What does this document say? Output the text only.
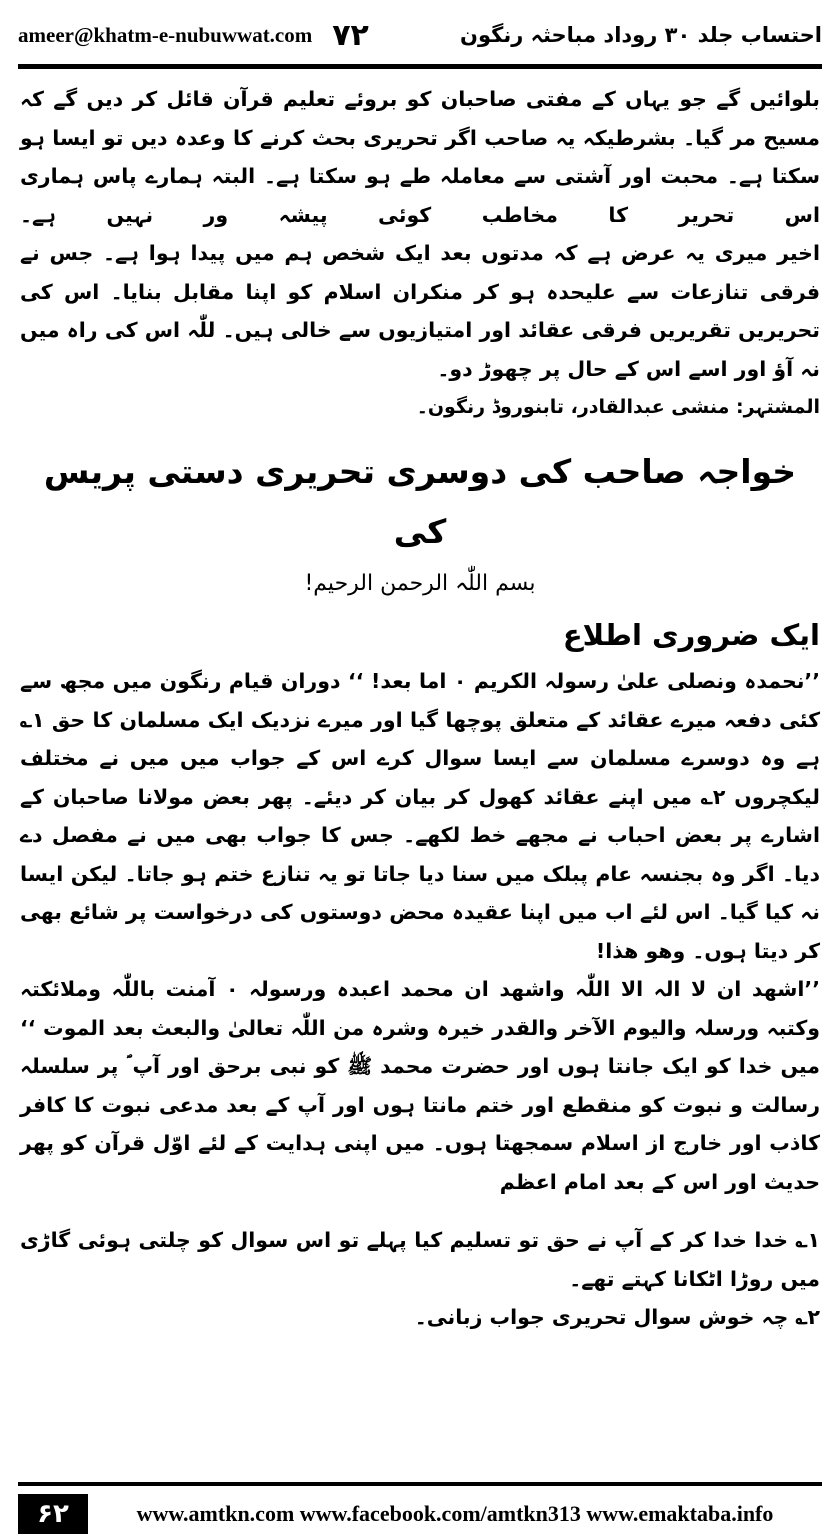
ameer@khatm-e-nubuwwat.com ۷۲	احتساب جلد ۳۰ روداد مباحثہ رنگون

بلوائیں گے جو یہاں کے مفتی صاحبان کو بروئے تعلیم قرآن قائل کر دیں گے کہ مسیح مر گیا۔ بشرطیکہ یہ صاحب اگر تحریری بحث کرنے کا وعدہ دیں تو ایسا ہو سکتا ہے۔ محبت اور آشتی سے معاملہ طے ہو سکتا ہے۔ البتہ ہمارے پاس ہماری اس تحریر کا مخاطب کوئی پیشہ ور نہیں ہے۔

اخیر میری یہ عرض ہے کہ مدتوں بعد ایک شخص ہم میں پیدا ہوا ہے۔ جس نے فرقی تنازعات سے علیحدہ ہو کر منکران اسلام کو اپنا مقابل بنایا۔ اس کی تحریریں تقریریں فرقی عقائد اور امتیازیوں سے خالی ہیں۔ للّٰہ اس کی راہ میں نہ آؤ اور اسے اس کے حال پر چھوڑ دو۔

المشتہر: منشی عبدالقادر، تابنوروڈ رنگون۔
خواجہ صاحب کی دوسری تحریری دستی پریس کی
بسم اللّٰہ الرحمن الرحیم!
ایک ضروری اطلاع

’’نحمدہ ونصلی علیٰ رسولہ الکریم ۰ اما بعد! ‘‘ دوران قیام رنگون میں مجھ سے کئی دفعہ میرے عقائد کے متعلق پوچھا گیا اور میرے نزدیک ایک مسلمان کا حق ۱؎ ہے وہ دوسرے مسلمان سے ایسا سوال کرے اس کے جواب میں میں نے مختلف لیکچروں ۲؎ میں اپنے عقائد کھول کر بیان کر دیئے۔ پھر بعض مولانا صاحبان کے اشارے پر بعض احباب نے مجھے خط لکھے۔ جس کا جواب بھی میں نے مفصل دے دیا۔ اگر وہ بجنسہ عام پبلک میں سنا دیا جاتا تو یہ تنازع ختم ہو جاتا۔ لیکن ایسا نہ کیا گیا۔ اس لئے اب میں اپنا عقیدہ محض دوستوں کی درخواست پر شائع بھی کر دیتا ہوں۔ وھو ھذا!

’’اشھد ان لا الہ الا اللّٰہ واشھد ان محمد اعبدہ ورسولہ ۰ آمنت باللّٰہ وملائکتہ وکتبہ ورسلہ والیوم الآخر والقدر خیرہ وشرہ من اللّٰہ تعالیٰ والبعث بعد الموت ‘‘ میں خدا کو ایک جانتا ہوں اور حضرت محمد ﷺ کو نبی برحق اور آپ ؐ پر سلسلہ رسالت و نبوت کو منقطع اور ختم مانتا ہوں اور آپ کے بعد مدعی نبوت کا کافر کاذب اور خارج از اسلام سمجھتا ہوں۔ میں اپنی ہدایت کے لئے اوّل قرآن کو پھر حدیث اور اس کے بعد امام اعظم

۱؎ خدا خدا کر کے آپ نے حق تو تسلیم کیا پہلے تو اس سوال کو چلتی ہوئی گاڑی میں روڑا اٹکانا کہتے تھے۔

۲؎ چہ خوش سوال تحریری جواب زبانی۔

۶۲	www.amtkn.com www.facebook.com/amtkn313 www.emaktaba.info
